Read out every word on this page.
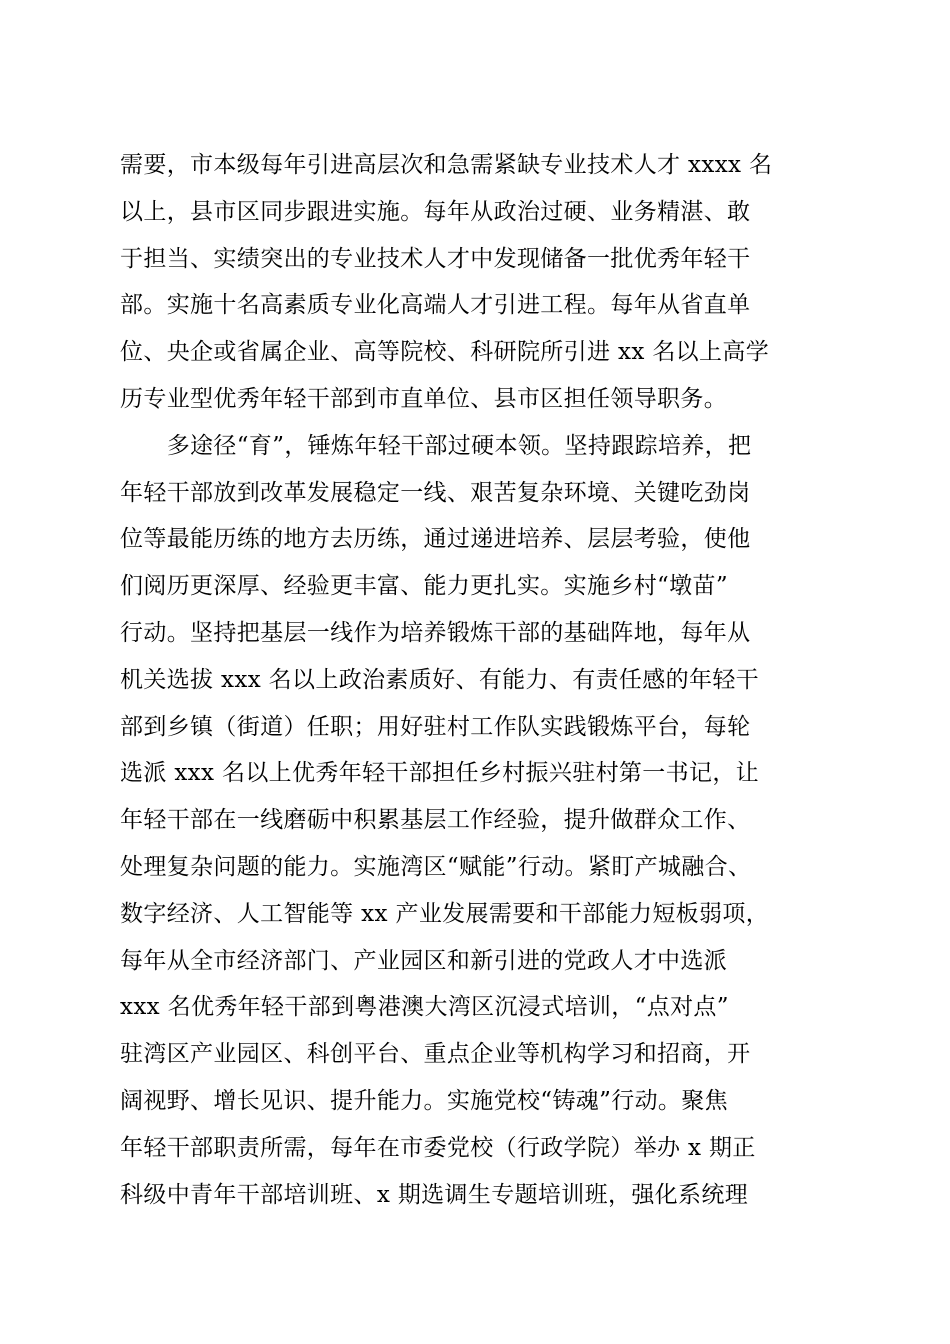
需要，市本级每年引进高层次和急需紧缺专业技术人才 xxxx 名
以上，县市区同步跟进实施。每年从政治过硬、业务精湛、敢
于担当、实绩突出的专业技术人才中发现储备一批优秀年轻干
部。实施十名高素质专业化高端人才引进工程。每年从省直单
位、央企或省属企业、高等院校、科研院所引进 xx 名以上高学
历专业型优秀年轻干部到市直单位、县市区担任领导职务。
　　多途径“育”，锤炼年轻干部过硬本领。坚持跟踪培养，把
年轻干部放到改革发展稳定一线、艰苦复杂环境、关键吃劲岗
位等最能历练的地方去历练，通过递进培养、层层考验，使他
们阅历更深厚、经验更丰富、能力更扎实。实施乡村“墩苗”
行动。坚持把基层一线作为培养锻炼干部的基础阵地，每年从
机关选拔 xxx 名以上政治素质好、有能力、有责任感的年轻干
部到乡镇（街道）任职；用好驻村工作队实践锻炼平台，每轮
选派 xxx 名以上优秀年轻干部担任乡村振兴驻村第一书记，让
年轻干部在一线磨砺中积累基层工作经验，提升做群众工作、
处理复杂问题的能力。实施湾区“赋能”行动。紧盯产城融合、
数字经济、人工智能等 xx 产业发展需要和干部能力短板弱项，
每年从全市经济部门、产业园区和新引进的党政人才中选派
xxx 名优秀年轻干部到粤港澳大湾区沉浸式培训，“点对点”
驻湾区产业园区、科创平台、重点企业等机构学习和招商，开
阔视野、增长见识、提升能力。实施党校“铸魂”行动。聚焦
年轻干部职责所需，每年在市委党校（行政学院）举办 x 期正
科级中青年干部培训班、x 期选调生专题培训班，强化系统理
